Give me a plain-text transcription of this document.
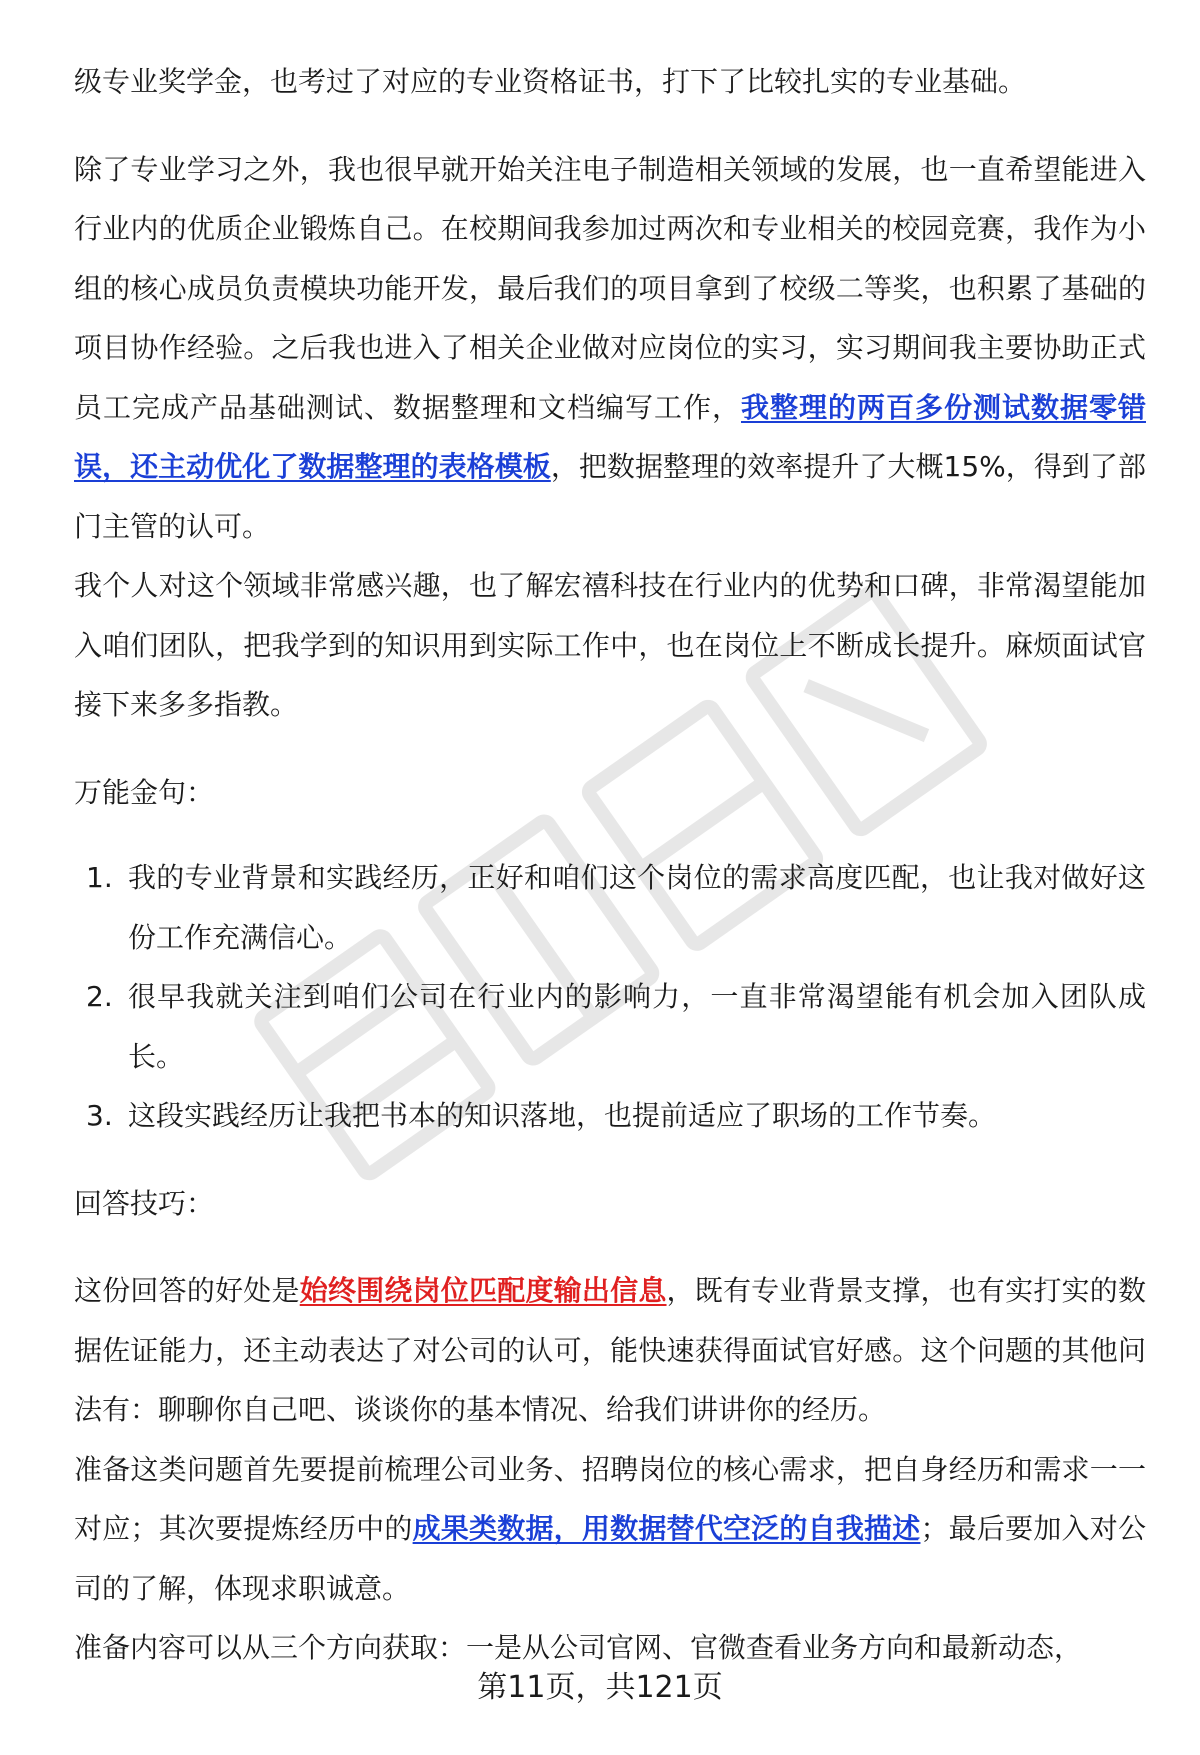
级专业奖学金，也考过了对应的专业资格证书，打下了比较扎实的专业基础。

除了专业学习之外，我也很早就开始关注电子制造相关领域的发展，也一直希望能进入行业内的优质企业锻炼自己。在校期间我参加过两次和专业相关的校园竞赛，我作为小组的核心成员负责模块功能开发，最后我们的项目拿到了校级二等奖，也积累了基础的项目协作经验。之后我也进入了相关企业做对应岗位的实习，实习期间我主要协助正式员工完成产品基础测试、数据整理和文档编写工作，我整理的两百多份测试数据零错误，还主动优化了数据整理的表格模板，把数据整理的效率提升了大概15%，得到了部门主管的认可。

我个人对这个领域非常感兴趣，也了解宏禧科技在行业内的优势和口碑，非常渴望能加入咱们团队，把我学到的知识用到实际工作中，也在岗位上不断成长提升。麻烦面试官接下来多多指教。

万能金句：

1. 我的专业背景和实践经历，正好和咱们这个岗位的需求高度匹配，也让我对做好这份工作充满信心。
2. 很早我就关注到咱们公司在行业内的影响力，一直非常渴望能有机会加入团队成长。
3. 这段实践经历让我把书本的知识落地，也提前适应了职场的工作节奏。

回答技巧：

这份回答的好处是始终围绕岗位匹配度输出信息，既有专业背景支撑，也有实打实的数据佐证能力，还主动表达了对公司的认可，能快速获得面试官好感。这个问题的其他问法有：聊聊你自己吧、谈谈你的基本情况、给我们讲讲你的经历。

准备这类问题首先要提前梳理公司业务、招聘岗位的核心需求，把自身经历和需求一一对应；其次要提炼经历中的成果类数据，用数据替代空泛的自我描述；最后要加入对公司的了解，体现求职诚意。

准备内容可以从三个方向获取：一是从公司官网、官微查看业务方向和最新动态，

第11页，共121页
